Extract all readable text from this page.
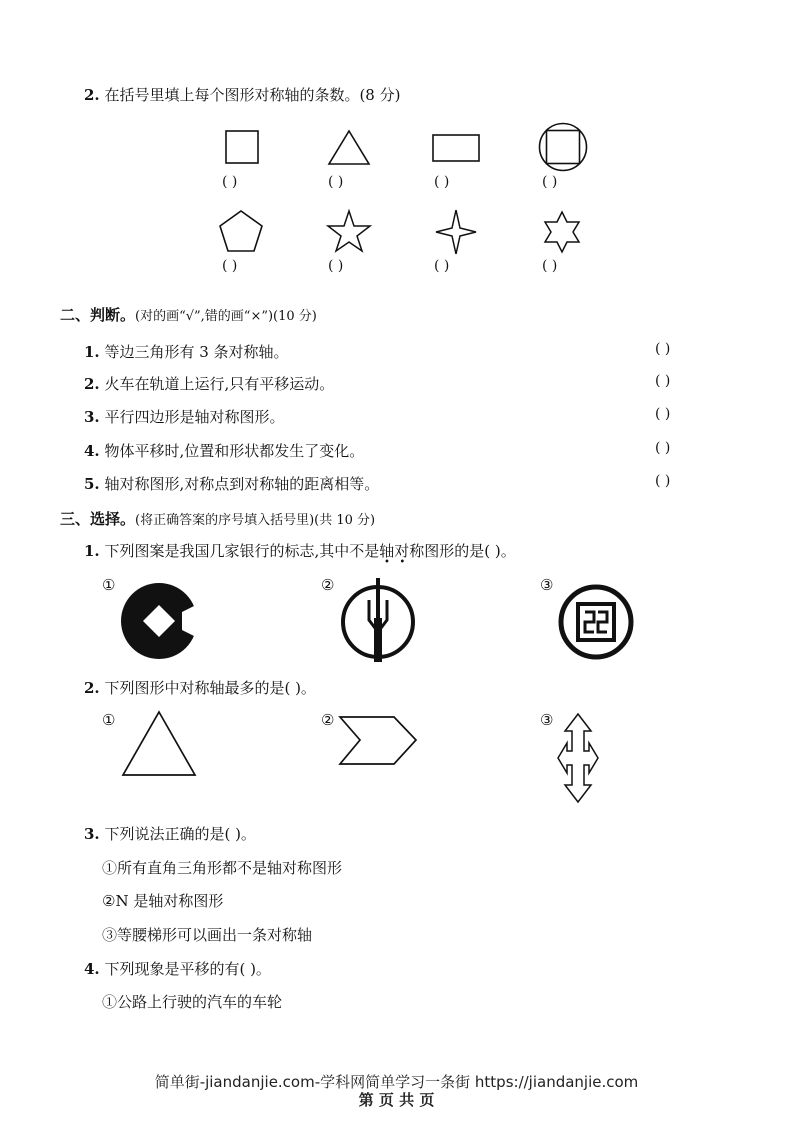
2. 在括号里填上每个图形对称轴的条数。(8 分)
( )	( )	( )	( )
( )	( )	( )	( )
二、判断。(对的画“√”,错的画“×”)(10 分)
1. 等边三角形有 3 条对称轴。	( )
2. 火车在轨道上运行,只有平移运动。	( )
3. 平行四边形是轴对称图形。	( )
4. 物体平移时,位置和形状都发生了变化。	( )
5. 轴对称图形,对称点到对称轴的距离相等。	( )
三、选择。(将正确答案的序号填入括号里)(共 10 分)
1. 下列图案是我国几家银行的标志,其中不是轴对称图形的是( )。
•   •
①	②	③
2. 下列图形中对称轴最多的是( )。
①	②	③
3. 下列说法正确的是( )。
①所有直角三角形都不是轴对称图形
②N 是轴对称图形
③等腰梯形可以画出一条对称轴
4. 下列现象是平移的有( )。
①公路上行驶的汽车的车轮
简单街-jiandanjie.com-学科网简单学习一条街 https://jiandanjie.com
第 页 共 页
